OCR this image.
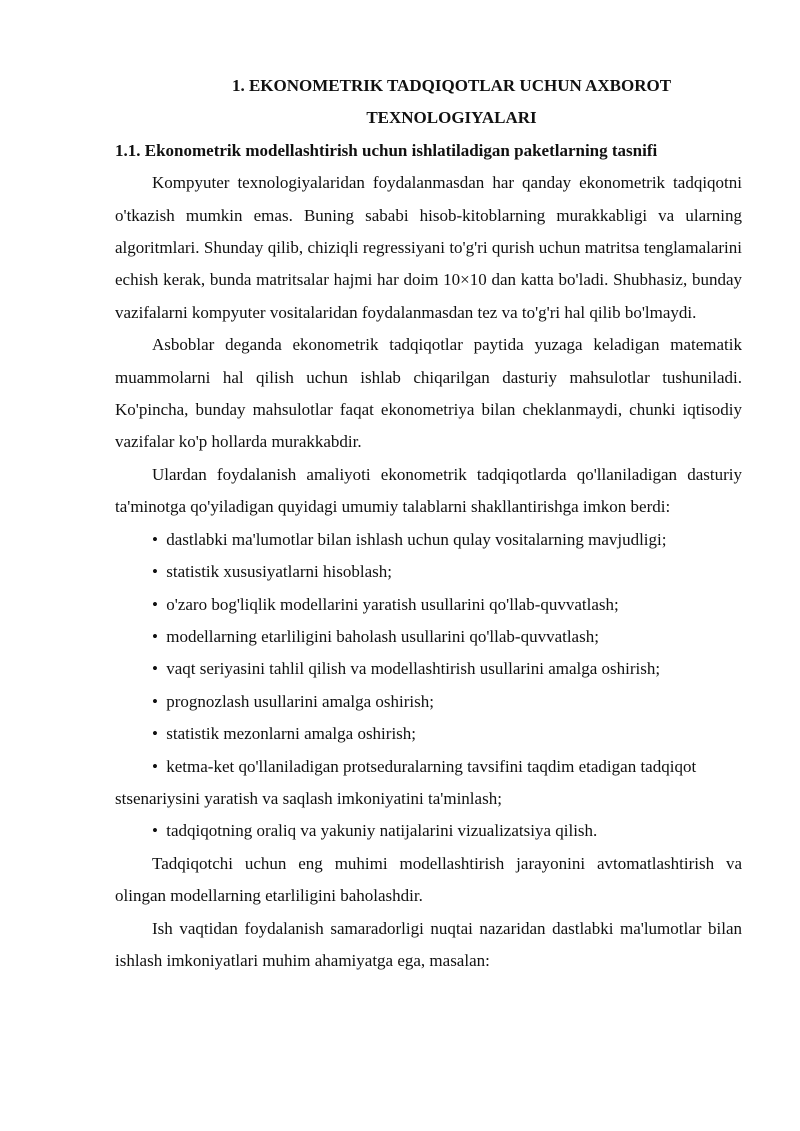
1. EKONOMETRIK TADQIQOTLAR UCHUN AXBOROT TEXNOLOGIYALARI
1.1. Ekonometrik modellashtirish uchun ishlatiladigan paketlarning tasnifi

Kompyuter texnologiyalaridan foydalanmasdan har qanday ekonometrik tadqiqotni o'tkazish mumkin emas. Buning sababi hisob-kitoblarning murakkabligi va ularning algoritmlari. Shunday qilib, chiziqli regressiyani to'g'ri qurish uchun matritsa tenglamalarini echish kerak, bunda matritsalar hajmi har doim 10×10 dan katta bo'ladi. Shubhasiz, bunday vazifalarni kompyuter vositalaridan foydalanmasdan tez va to'g'ri hal qilib bo'lmaydi.

Asboblar deganda ekonometrik tadqiqotlar paytida yuzaga keladigan matematik muammolarni hal qilish uchun ishlab chiqarilgan dasturiy mahsulotlar tushuniladi. Ko'pincha, bunday mahsulotlar faqat ekonometriya bilan cheklanmaydi, chunki iqtisodiy vazifalar ko'p hollarda murakkabdir.

Ulardan foydalanish amaliyoti ekonometrik tadqiqotlarda qo'llaniladigan dasturiy ta'minotga qo'yiladigan quyidagi umumiy talablarni shakllantirishga imkon berdi:

• dastlabki ma'lumotlar bilan ishlash uchun qulay vositalarning mavjudligi;
• statistik xususiyatlarni hisoblash;
• o'zaro bog'liqlik modellarini yaratish usullarini qo'llab-quvvatlash;
• modellarning etarliligini baholash usullarini qo'llab-quvvatlash;
• vaqt seriyasini tahlil qilish va modellashtirish usullarini amalga oshirish;
• prognozlash usullarini amalga oshirish;
• statistik mezonlarni amalga oshirish;
• ketma-ket qo'llaniladigan protseduralarning tavsifini taqdim etadigan tadqiqot stsenariysini yaratish va saqlash imkoniyatini ta'minlash;
• tadqiqotning oraliq va yakuniy natijalarini vizualizatsiya qilish.

Tadqiqotchi uchun eng muhimi modellashtirish jarayonini avtomatlashtirish va olingan modellarning etarliligini baholashdir.

Ish vaqtidan foydalanish samaradorligi nuqtai nazaridan dastlabki ma'lumotlar bilan ishlash imkoniyatlari muhim ahamiyatga ega, masalan:
